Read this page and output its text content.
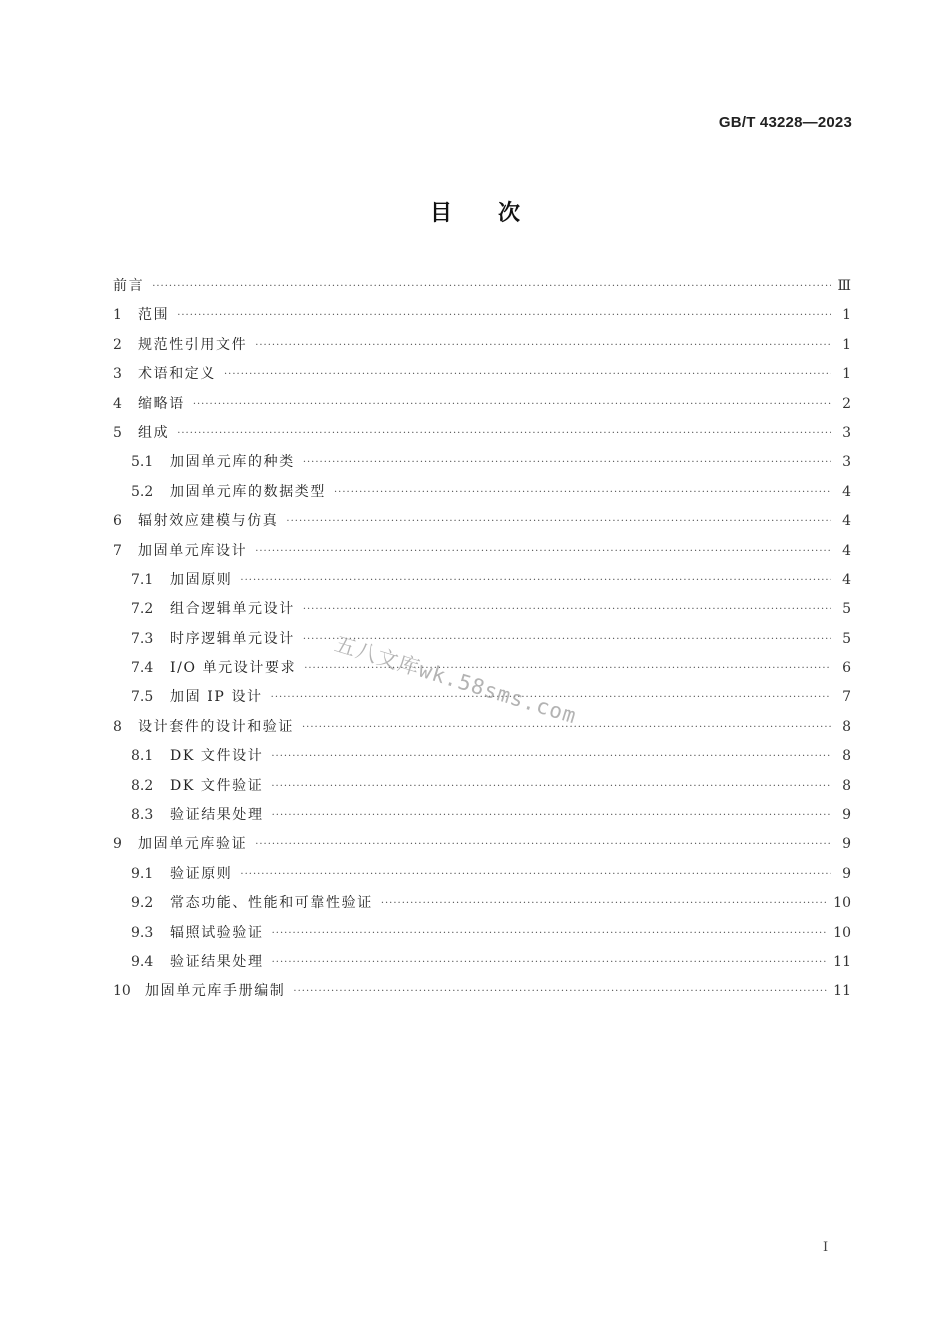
GB/T 43228—2023
目 次
前言 ·····	Ⅲ
1	范围 ·····	1
2	规范性引用文件 ·····	1
3	术语和定义 ·····	1
4	缩略语 ·····	2
5	组成 ·····	3
5.1	加固单元库的种类 ·····	3
5.2	加固单元库的数据类型 ·····	4
6	辐射效应建模与仿真 ·····	4
7	加固单元库设计 ·····	4
7.1	加固原则 ·····	4
7.2	组合逻辑单元设计 ·····	5
7.3	时序逻辑单元设计 ·····	5
7.4	I/O 单元设计要求 ·····	6
7.5	加固 IP 设计 ·····	7
8	设计套件的设计和验证 ·····	8
8.1	DK 文件设计 ·····	8
8.2	DK 文件验证 ·····	8
8.3	验证结果处理 ·····	9
9	加固单元库验证 ·····	9
9.1	验证原则 ·····	9
9.2	常态功能、性能和可靠性验证 ·····	10
9.3	辐照试验验证 ·····	10
9.4	验证结果处理 ·····	11
10	加固单元库手册编制 ·····	11
I
五八文库wk.58sms.com
